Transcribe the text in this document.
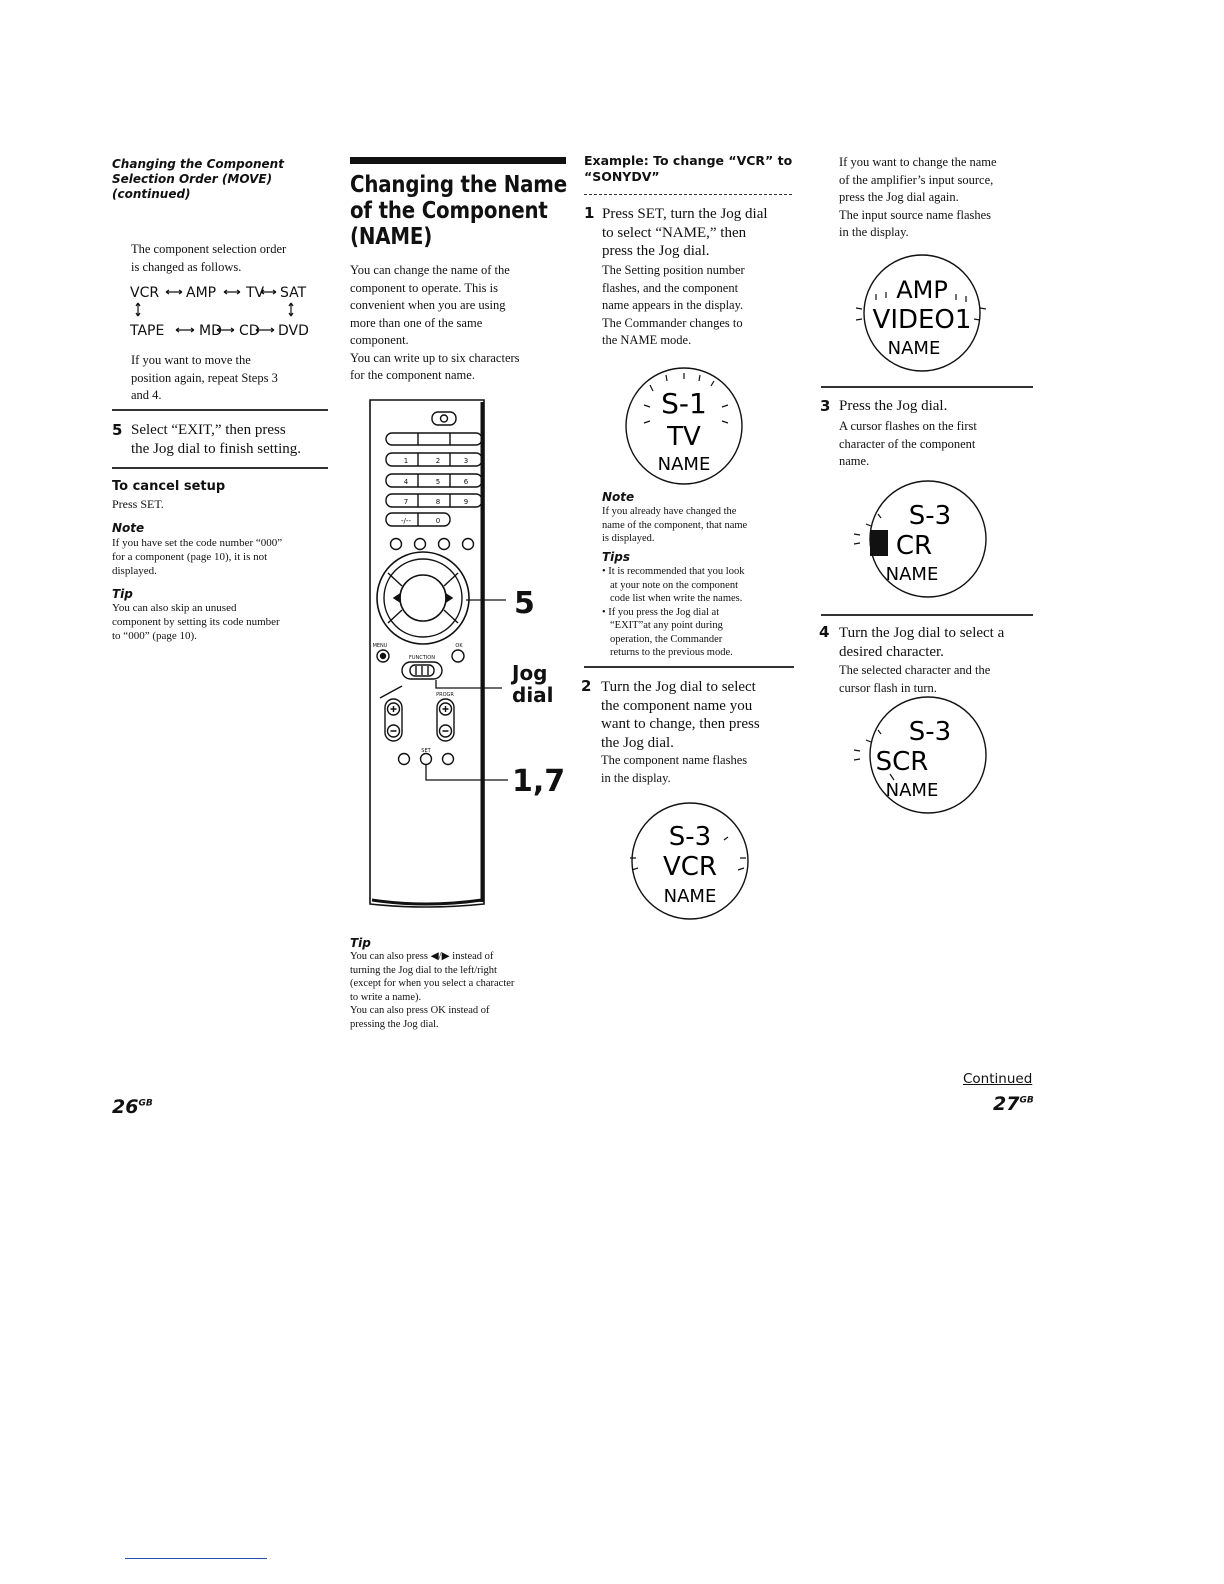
Changing the Component
Selection Order (MOVE)
(continued)
The component selection order
is changed as follows.
VCR AMP TV SAT
TAPE MD CD DVD
If you want to move the
position again, repeat Steps 3
and 4.
5 Select “EXIT,” then press
the Jog dial to finish setting.
To cancel setup
Press SET.
Note
If you have set the code number “000”
for a component (page 10), it is not
displayed.
Tip
You can also skip an unused
component by setting its code number
to “000” (page 10).
Changing the Name
of the Component
(NAME)
You can change the name of the
component to operate. This is
convenient when you are using
more than one of the same
component.
You can write up to six characters
for the component name.
1	2	3
4	5	6
7	8	9
0
-/--
MENU	OK
FUNCTION
PROGR
SET
5
Jog
dial
1,7
Tip
You can also press ◀/▶ instead of
turning the Jog dial to the left/right
(except for when you select a character
to write a name).
You can also press OK instead of
pressing the Jog dial.
Example: To change “VCR” to
“SONYDV”
1 Press SET, turn the Jog dial
to select “NAME,” then
press the Jog dial.
The Setting position number
flashes, and the component
name appears in the display.
The Commander changes to
the NAME mode.
S-1
TV
NAME
Note
If you already have changed the
name of the component, that name
is displayed.
Tips
• It is recommended that you look
at your note on the component
code list when write the names.
• If you press the Jog dial at
“EXIT”at any point during
operation, the Commander
returns to the previous mode.
2 Turn the Jog dial to select
the component name you
want to change, then press
the Jog dial.
The component name flashes
in the display.
S-3
VCR
NAME
If you want to change the name
of the amplifier’s input source,
press the Jog dial again.
The input source name flashes
in the display.
AMP
VIDEO1
NAME
3 Press the Jog dial.
A cursor flashes on the first
character of the component
name.
S-3
CR
NAME
4 Turn the Jog dial to select a
desired character.
The selected character and the
cursor flash in turn.
S-3
SCR
NAME
Continued
$26^{GB}$	$27^{GB}$
